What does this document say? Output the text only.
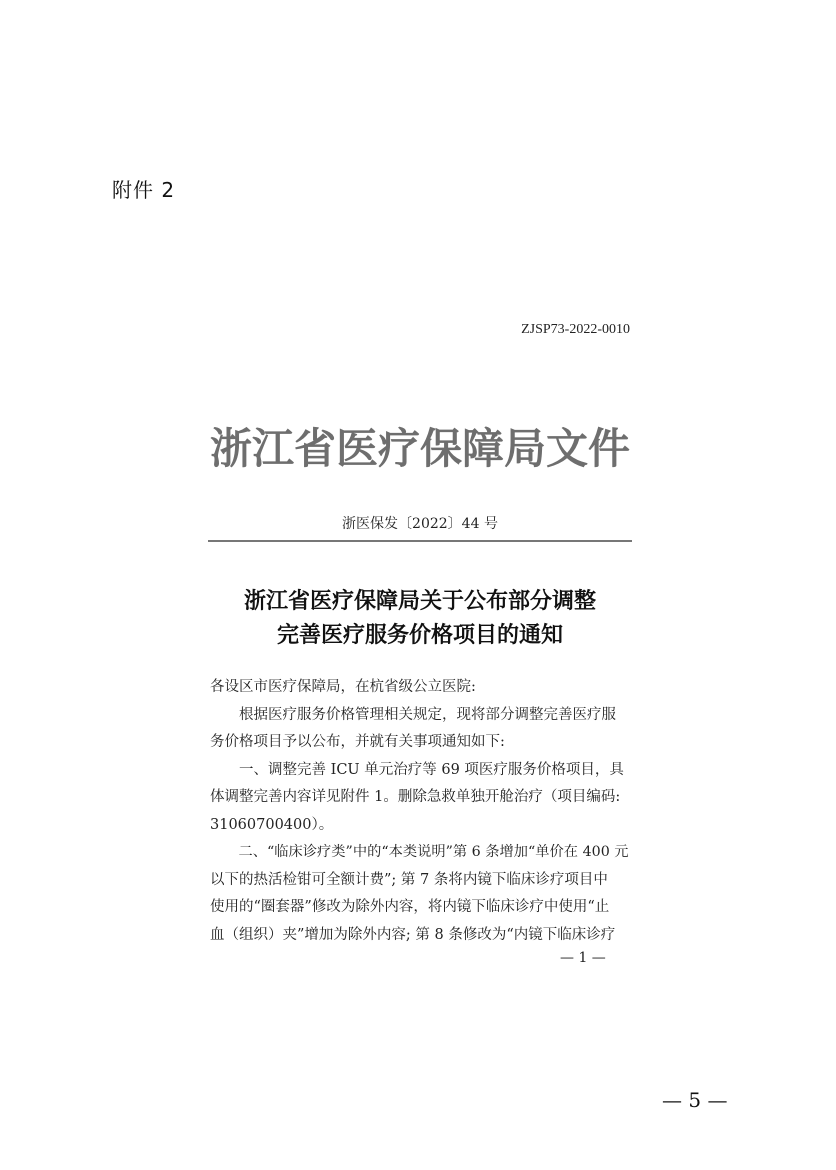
附件 2
ZJSP73-2022-0010
浙江省医疗保障局文件
浙医保发〔2022〕44 号
浙江省医疗保障局关于公布部分调整
完善医疗服务价格项目的通知
各设区市医疗保障局，在杭省级公立医院:
　　根据医疗服务价格管理相关规定，现将部分调整完善医疗服
务价格项目予以公布，并就有关事项通知如下:
　　一、调整完善 ICU 单元治疗等 69 项医疗服务价格项目，具
体调整完善内容详见附件 1。删除急救单独开舱治疗（项目编码:
31060700400）。
　　二、“临床诊疗类”中的“本类说明”第 6 条增加“单价在 400 元
以下的热活检钳可全额计费”; 第 7 条将内镜下临床诊疗项目中
使用的“圈套器”修改为除外内容，将内镜下临床诊疗中使用“止
血（组织）夹”增加为除外内容; 第 8 条修改为“内镜下临床诊疗
— 1 —
— 5 —
